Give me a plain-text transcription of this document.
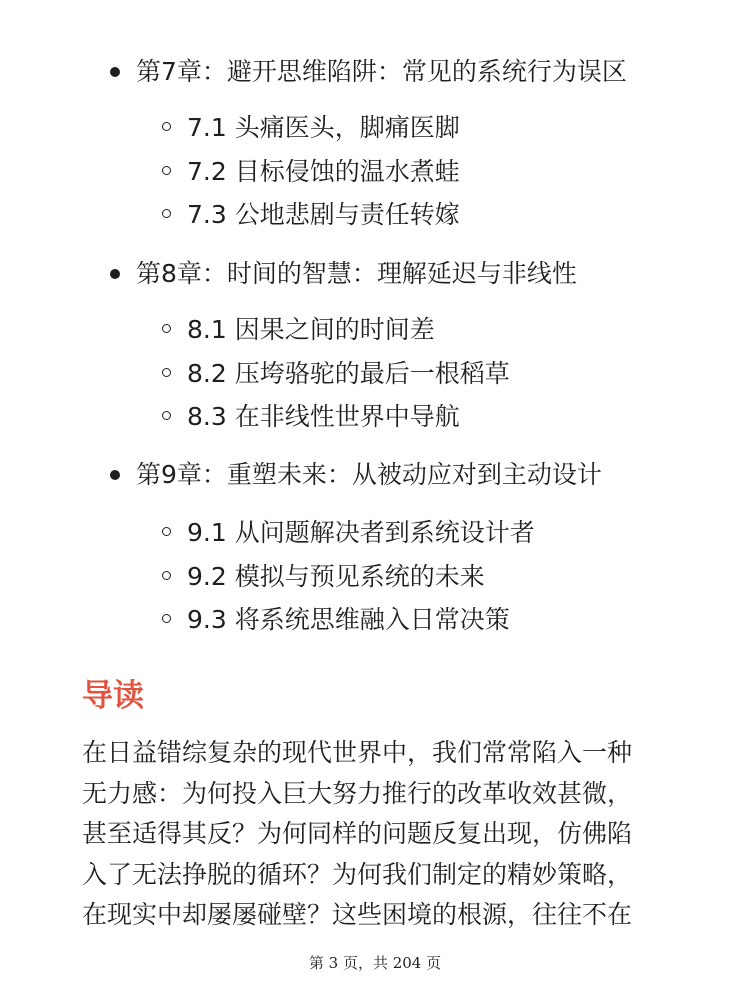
第7章：避开思维陷阱：常见的系统行为误区
7.1 头痛医头，脚痛医脚
7.2 目标侵蚀的温水煮蛙
7.3 公地悲剧与责任转嫁
第8章：时间的智慧：理解延迟与非线性
8.1 因果之间的时间差
8.2 压垮骆驼的最后一根稻草
8.3 在非线性世界中导航
第9章：重塑未来：从被动应对到主动设计
9.1 从问题解决者到系统设计者
9.2 模拟与预见系统的未来
9.3 将系统思维融入日常决策
导读
在日益错综复杂的现代世界中，我们常常陷入一种
无力感：为何投入巨大努力推行的改革收效甚微，
甚至适得其反？为何同样的问题反复出现，仿佛陷
入了无法挣脱的循环？为何我们制定的精妙策略，
在现实中却屡屡碰壁？这些困境的根源，往往不在
第 3 页，共 204 页
